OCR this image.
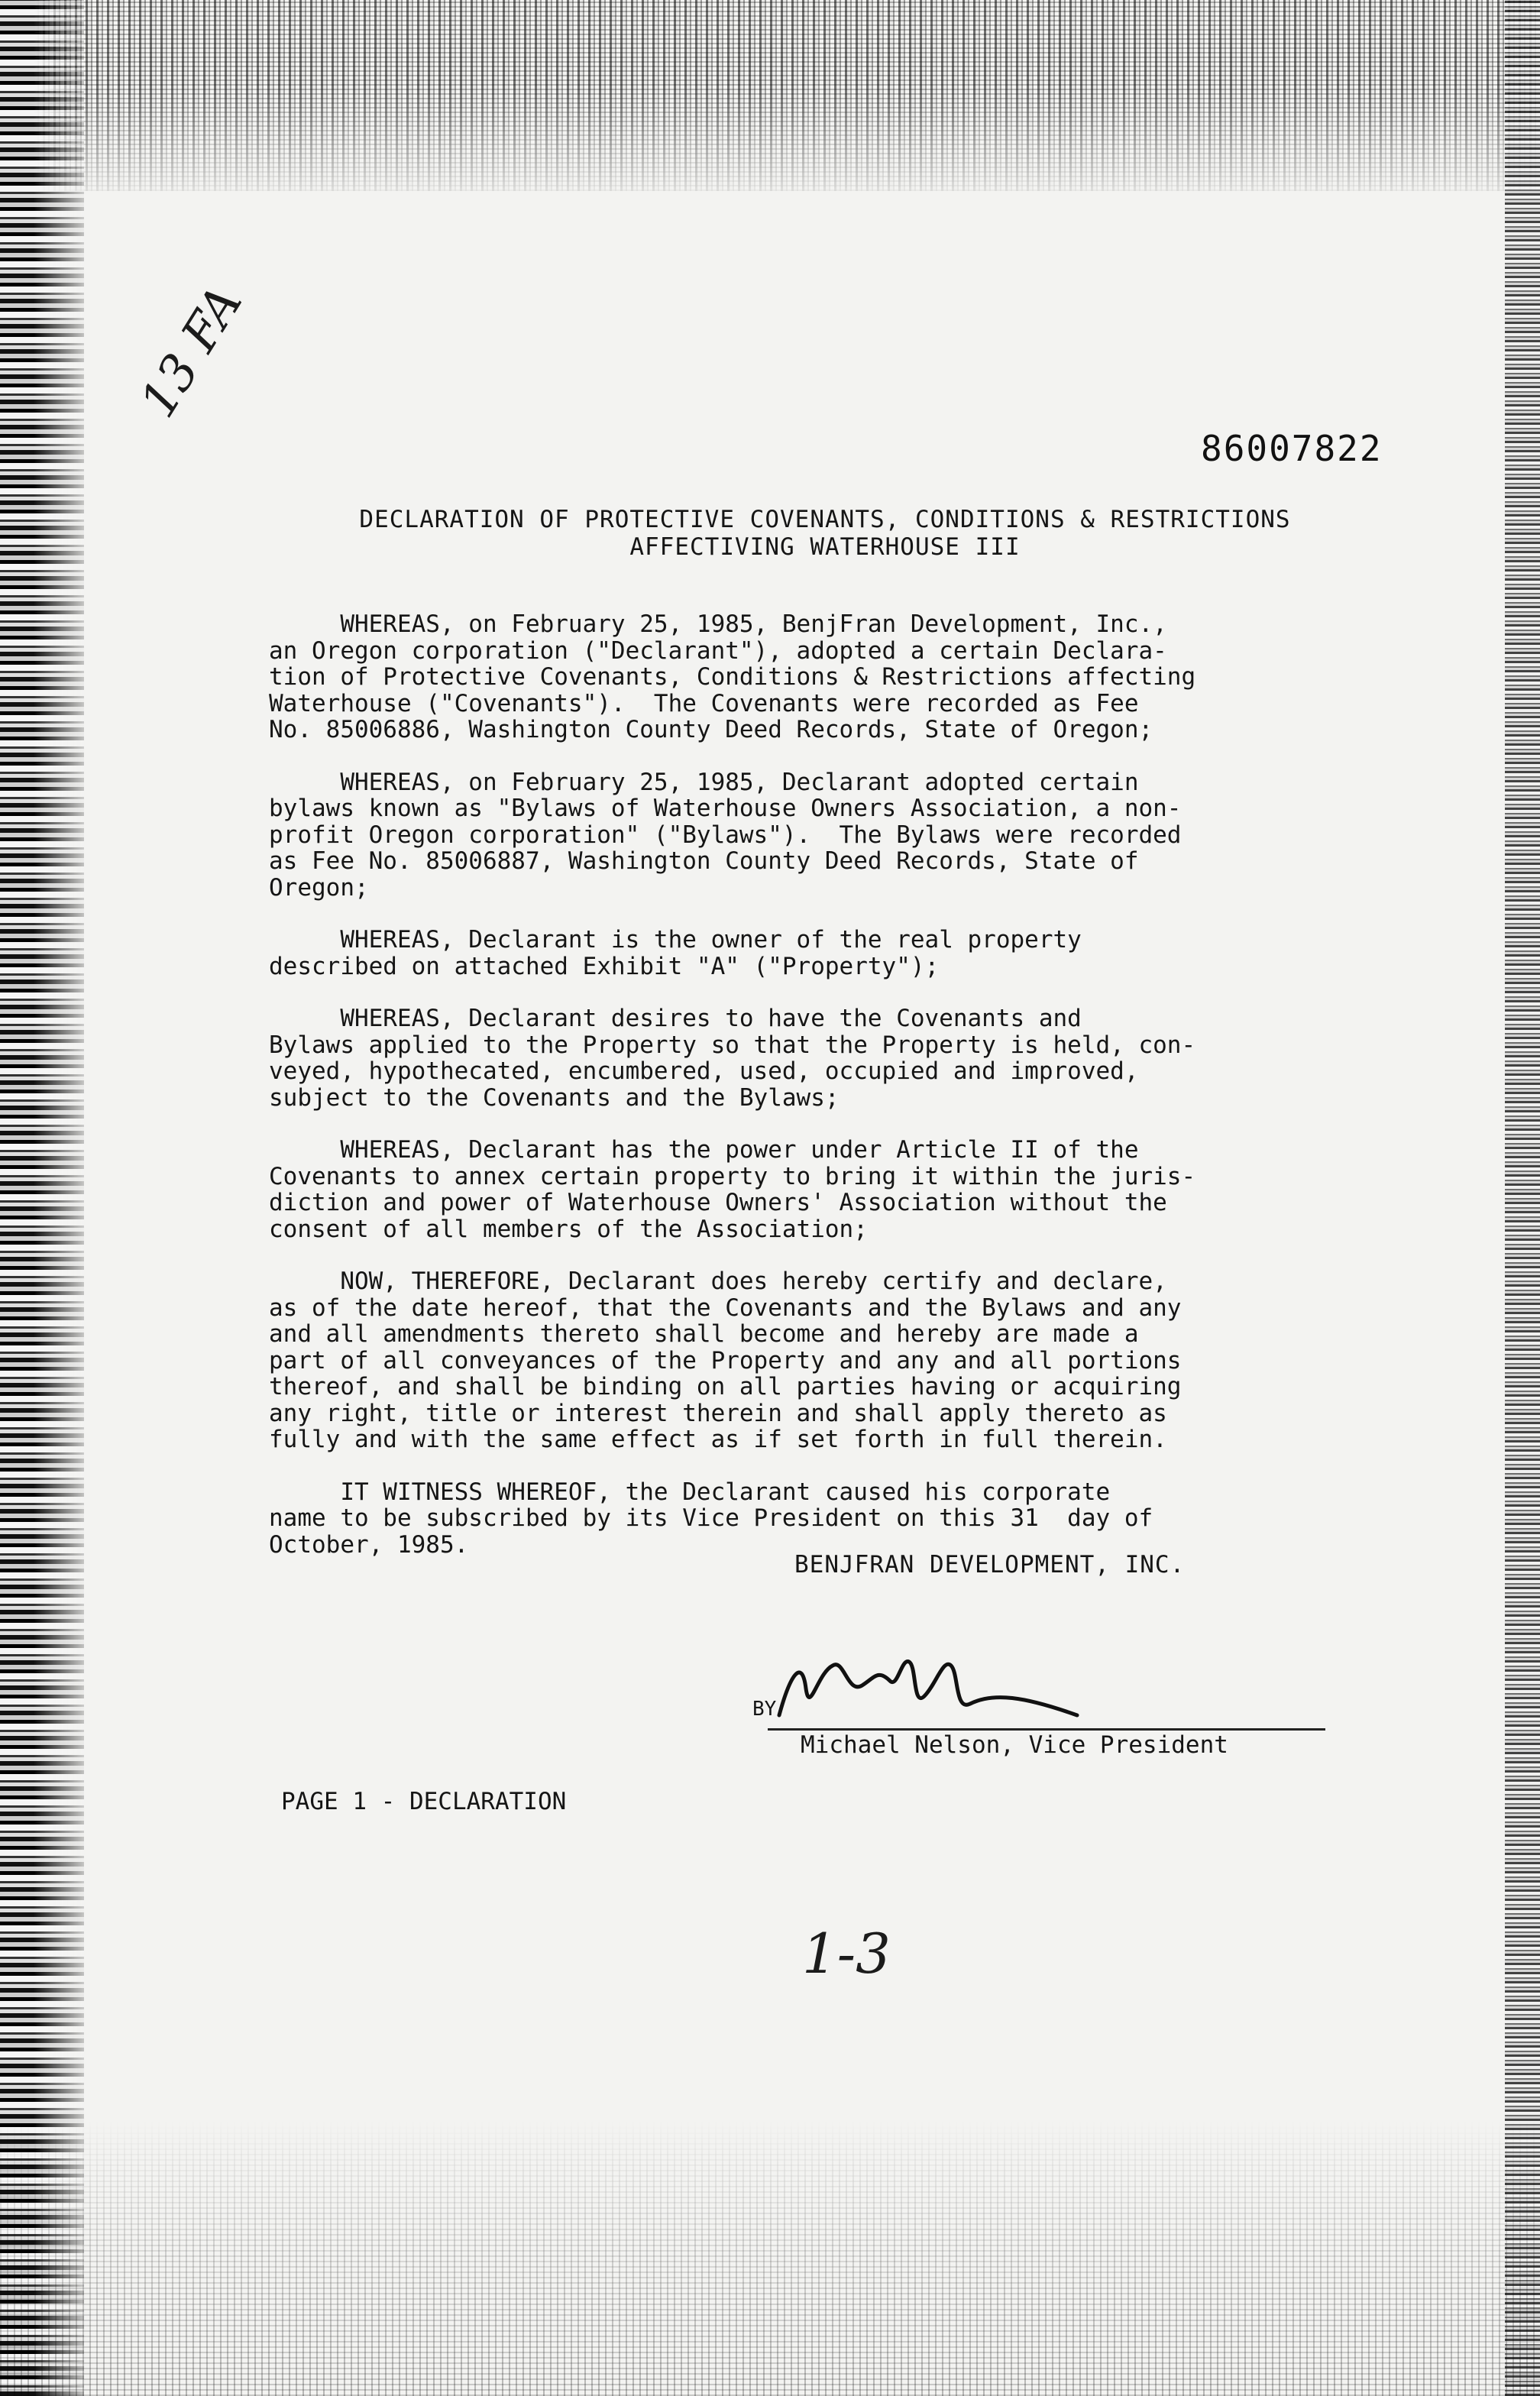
13 FA
86007822
DECLARATION OF PROTECTIVE COVENANTS, CONDITIONS & RESTRICTIONS
AFFECTIVING WATERHOUSE III
WHEREAS, on February 25, 1985, BenjFran Development, Inc.,
an Oregon corporation ("Declarant"), adopted a certain Declara-
tion of Protective Covenants, Conditions & Restrictions affecting
Waterhouse ("Covenants").  The Covenants were recorded as Fee
No. 85006886, Washington County Deed Records, State of Oregon;
WHEREAS, on February 25, 1985, Declarant adopted certain
bylaws known as "Bylaws of Waterhouse Owners Association, a non-
profit Oregon corporation" ("Bylaws").  The Bylaws were recorded
as Fee No. 85006887, Washington County Deed Records, State of
Oregon;
WHEREAS, Declarant is the owner of the real property
described on attached Exhibit "A" ("Property");
WHEREAS, Declarant desires to have the Covenants and
Bylaws applied to the Property so that the Property is held, con-
veyed, hypothecated, encumbered, used, occupied and improved,
subject to the Covenants and the Bylaws;
WHEREAS, Declarant has the power under Article II of the
Covenants to annex certain property to bring it within the juris-
diction and power of Waterhouse Owners' Association without the
consent of all members of the Association;
NOW, THEREFORE, Declarant does hereby certify and declare,
as of the date hereof, that the Covenants and the Bylaws and any
and all amendments thereto shall become and hereby are made a
part of all conveyances of the Property and any and all portions
thereof, and shall be binding on all parties having or acquiring
any right, title or interest therein and shall apply thereto as
fully and with the same effect as if set forth in full therein.
IT WITNESS WHEREOF, the Declarant caused his corporate
name to be subscribed by its Vice President on this 31  day of
October, 1985.
BENJFRAN DEVELOPMENT, INC.
BY
Michael Nelson, Vice President
PAGE 1 - DECLARATION
1-3
